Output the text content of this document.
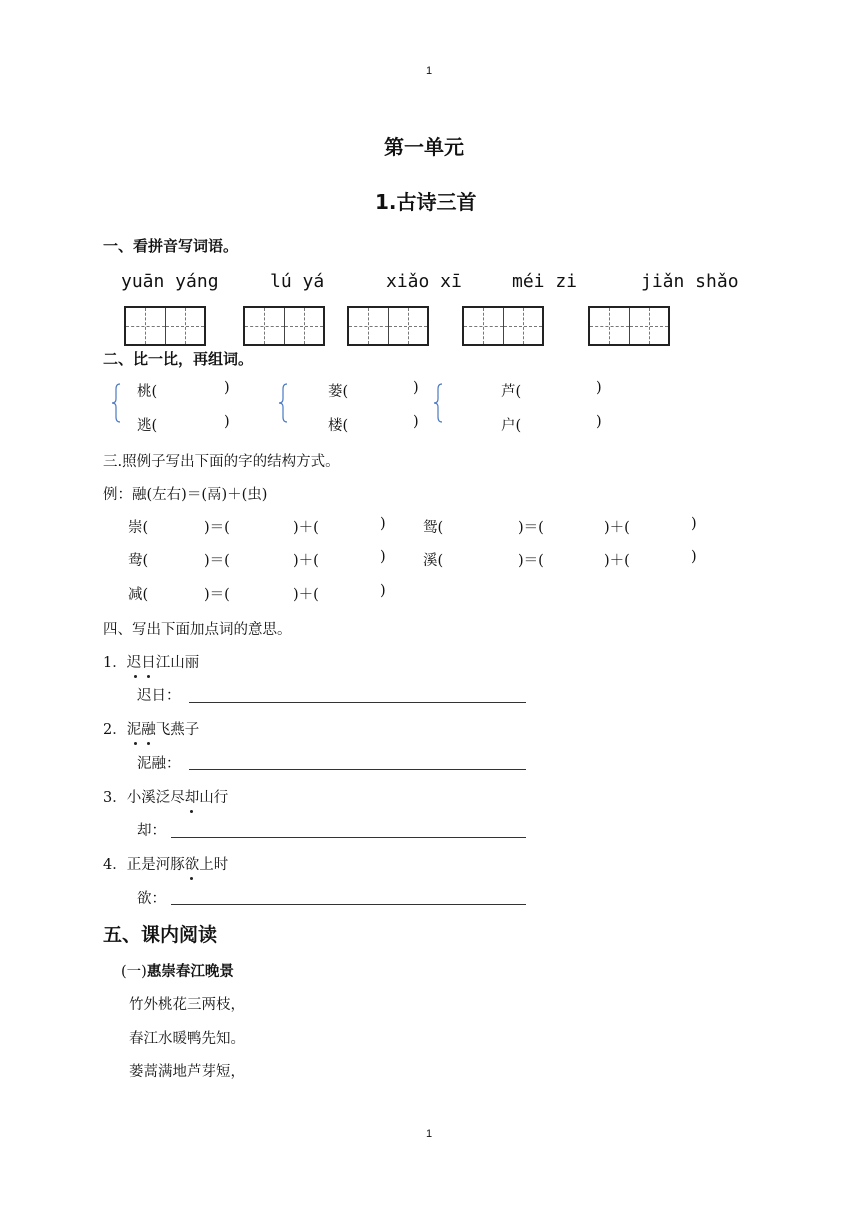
1
1
第一单元
1.古诗三首
一、看拼音写词语。
yuān yáng	lú yá	xiǎo xī	méi zi	jiǎn shǎo
二、比一比，再组词。
桃(	)
逃(	)
蒌(	)
楼(	)
芦(	)
户(	)
三.照例子写出下面的字的结构方式。
例：融(左右)＝(鬲)＋(虫)
崇(	)＝(	)＋(	)	鸳(	)＝(	)＋(	)
鸯(	)＝(	)＋(	)	溪(	)＝(	)＋(	)
减(	)＝(	)＋(	)
四、写出下面加点词的意思。
1．迟日
江山丽
迟日：
2．泥融
飞燕子
泥融：
3．小溪泛尽却
山行
却：
4．正是河豚欲
上时
欲：
五、课内阅读
(一)惠崇春江晚景
竹外桃花三两枝，
春江水暖鸭先知。
蒌蒿满地芦芽短，
